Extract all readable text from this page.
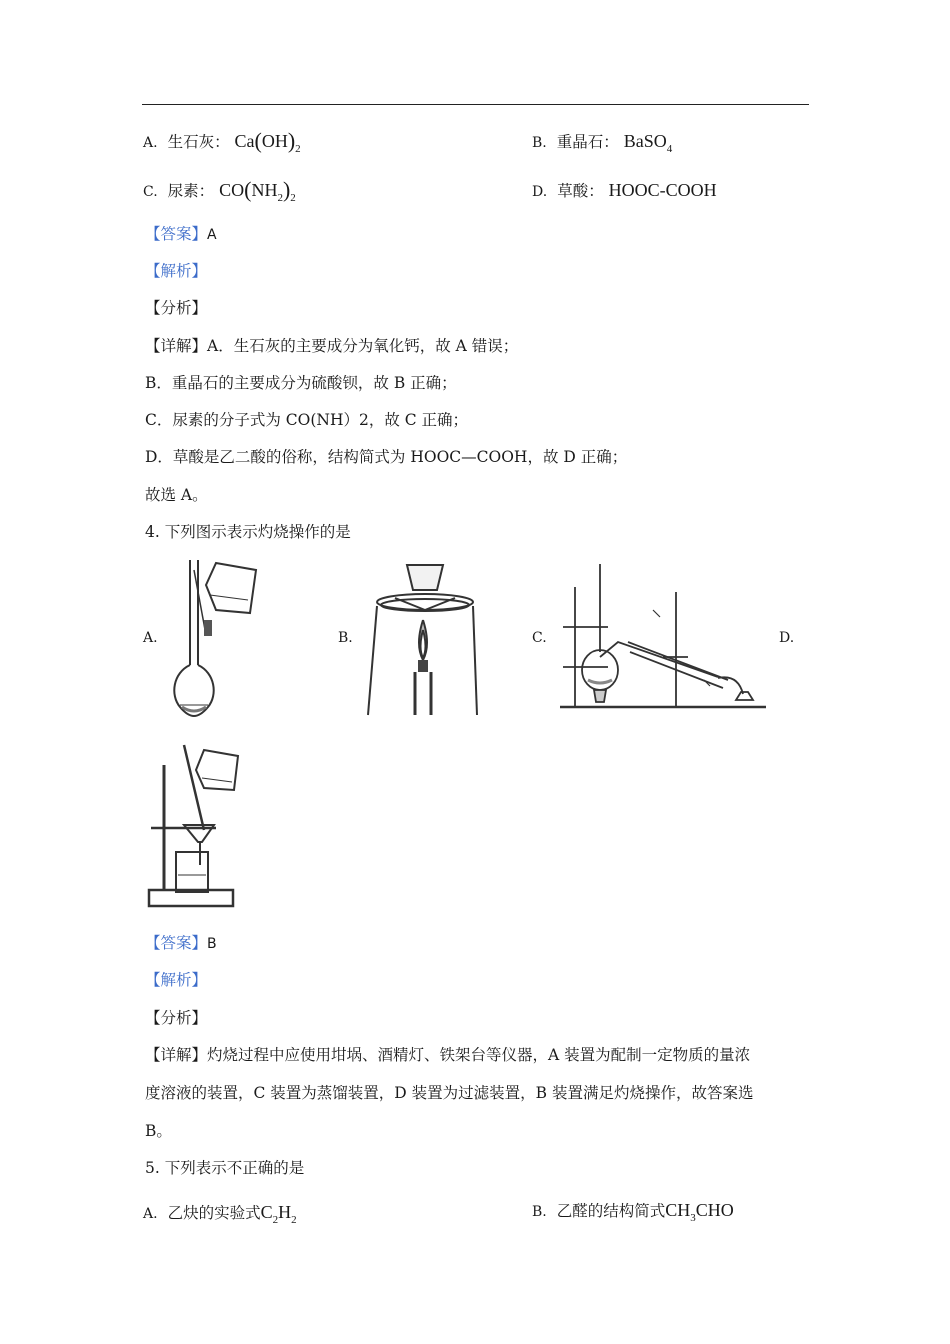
A. 生石灰： $Ca(OH)_2$	B. 重晶石： BaSO$_4$
C. 尿素： $CO(NH_2)_2$	D. 草酸： HOOC-COOH
【答案】A
【解析】
【分析】
【详解】A．生石灰的主要成分为氧化钙，故 A 错误；
B．重晶石的主要成分为硫酸钡，故 B 正确；
C．尿素的分子式为 CO(NH）2，故 C 正确；
D．草酸是乙二酸的俗称，结构简式为 HOOC—COOH，故 D 正确；
故选 A。
4. 下列图示表示灼烧操作的是
A.	B.	C.	D.
【答案】B
【解析】
【分析】
【详解】灼烧过程中应使用坩埚、酒精灯、铁架台等仪器，A 装置为配制一定物质的量浓
度溶液的装置，C 装置为蒸馏装置，D 装置为过滤装置，B 装置满足灼烧操作，故答案选
B。
5. 下列表示不正确的是
A. 乙炔的实验式$C_2H_2$	B. 乙醛的结构简式$CH_3CHO$
